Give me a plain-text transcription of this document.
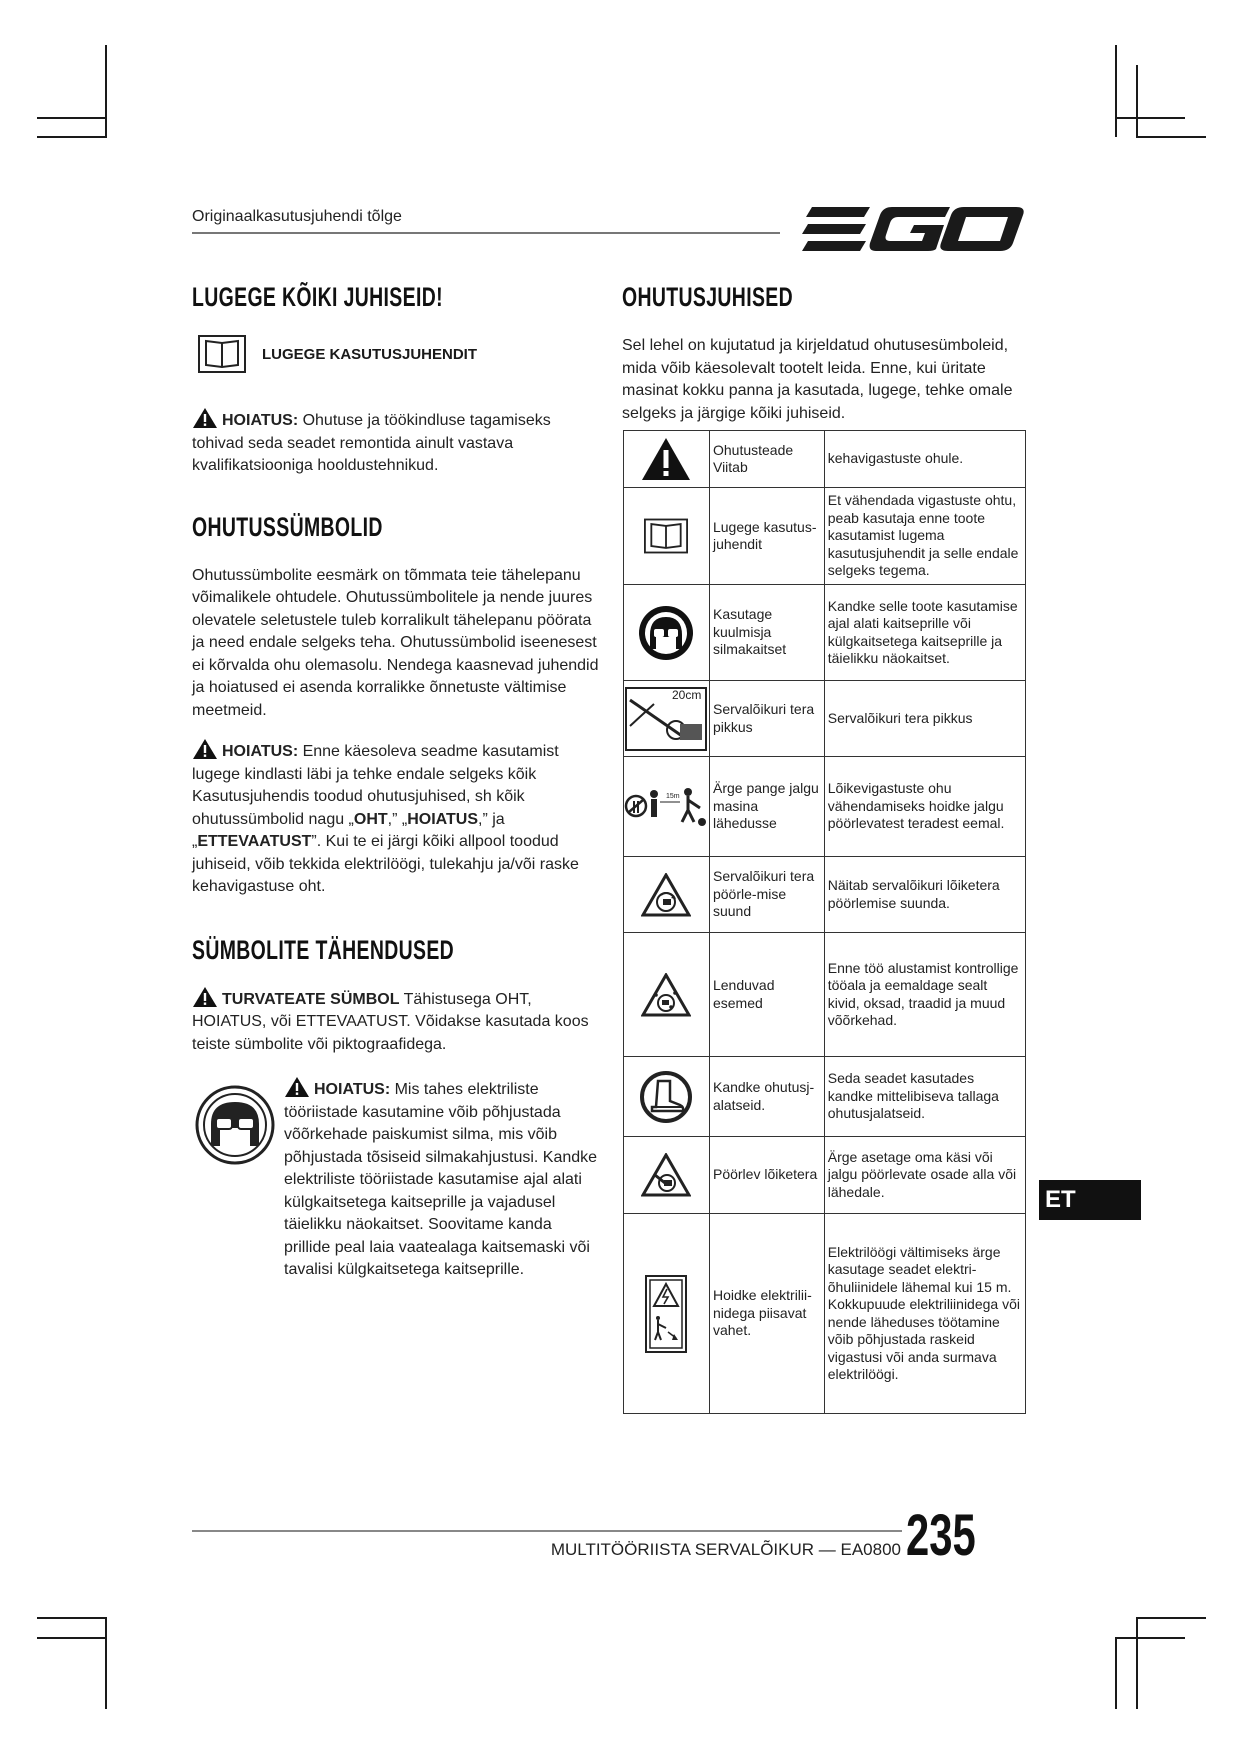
Originaalkasutusjuhendi tõlge
LUGEGE KÕIKI JUHISEID!
LUGEGE KASUTUSJUHENDIT

HOIATUS: Ohutuse ja töökindluse tagamiseks tohivad seda seadet remontida ainult vastava kvalifikatsiooniga hooldustehnikud.

OHUTUSSÜMBOLID

Ohutussümbolite eesmärk on tõmmata teie tähelepanu võimalikele ohtudele. Ohutussümbolitele ja nende juures olevatele seletustele tuleb korralikult tähelepanu pöörata ja need endale selgeks teha. Ohutussümbolid iseenesest ei kõrvalda ohu olemasolu. Nendega kaasnevad juhendid ja hoiatused ei asenda korralikke õnnetuste vältimise meetmeid.

HOIATUS: Enne käesoleva seadme kasutamist lugege kindlasti läbi ja tehke endale selgeks kõik Kasutusjuhendis toodud ohutusjuhised, sh kõik ohutussümbolid nagu „OHT,” „HOIATUS,” ja „ETTEVAATUST”. Kui te ei järgi kõiki allpool toodud juhiseid, võib tekkida elektrilöögi, tulekahju ja/või raske kehavigastuse oht.

SÜMBOLITE TÄHENDUSED

TURVATEATE SÜMBOL Tähistusega OHT, HOIATUS, või ETTEVAATUST. Võidakse kasutada koos teiste sümbolite või piktograafidega.

HOIATUS: Mis tahes elektriliste tööriistade kasutamine võib põhjustada võõrkehade paiskumist silma, mis võib põhjustada tõsiseid silmakahjustusi. Kandke elektriliste tööriistade kasutamise ajal alati külgkaitsetega kaitseprille ja vajadusel täielikku näokaitset. Soovitame kanda prillide peal laia vaatealaga kaitsemaski või tavalisi külgkaitsetega kaitseprille.

OHUTUSJUHISED

Sel lehel on kujutatud ja kirjeldatud ohutusesümboleid, mida võib käesolevalt tootelt leida. Enne, kui üritate masinat kokku panna ja kasutada, lugege, tehke omale selgeks ja järgige kõiki juhiseid.

	Ohutusteade Viitab	kehavigastuste ohule.

	Lugege kasutus-juhendit	Et vähendada vigastuste ohtu, peab kasutaja enne toote kasutamist lugema kasutusjuhendit ja selle endale selgeks tegema.

	Kasutage kuulmisja silmakaitset	Kandke selle toote kasutamise ajal alati kaitseprille või külgkaitsetega kaitseprille ja täielikku näokaitset.

20cm	Servalõikuri tera pikkus	Servalõikuri tera pikkus

15m	Ärge pange jalgu masina lähedusse	Lõikevigastuste ohu vähendamiseks hoidke jalgu pöörlevatest teradest eemal.

	Servalõikuri tera pöörle-mise suund	Näitab servalõikuri lõiketera pöörlemise suunda.

	Lenduvad esemed	Enne töö alustamist kontrollige tööala ja eemaldage sealt kivid, oksad, traadid ja muud võõrkehad.

	Kandke ohutusj-alatseid.	Seda seadet kasutades kandke mittelibiseva tallaga ohutusjalatseid.

	Pöörlev lõiketera	Ärge asetage oma käsi või jalgu pöörlevate osade alla või lähedale.

	Hoidke elektrilii-nidega piisavat vahet.	Elektrilöögi vältimiseks ärge kasutage seadet elektri-õhuliinidele lähemal kui 15 m. Kokkupuude elektriliinidega või nende läheduses töötamine võib põhjustada raskeid vigastusi või anda surmava elektrilöögi.
ET
MULTITÖÖRIISTA SERVALÕIKUR — EA0800 235
